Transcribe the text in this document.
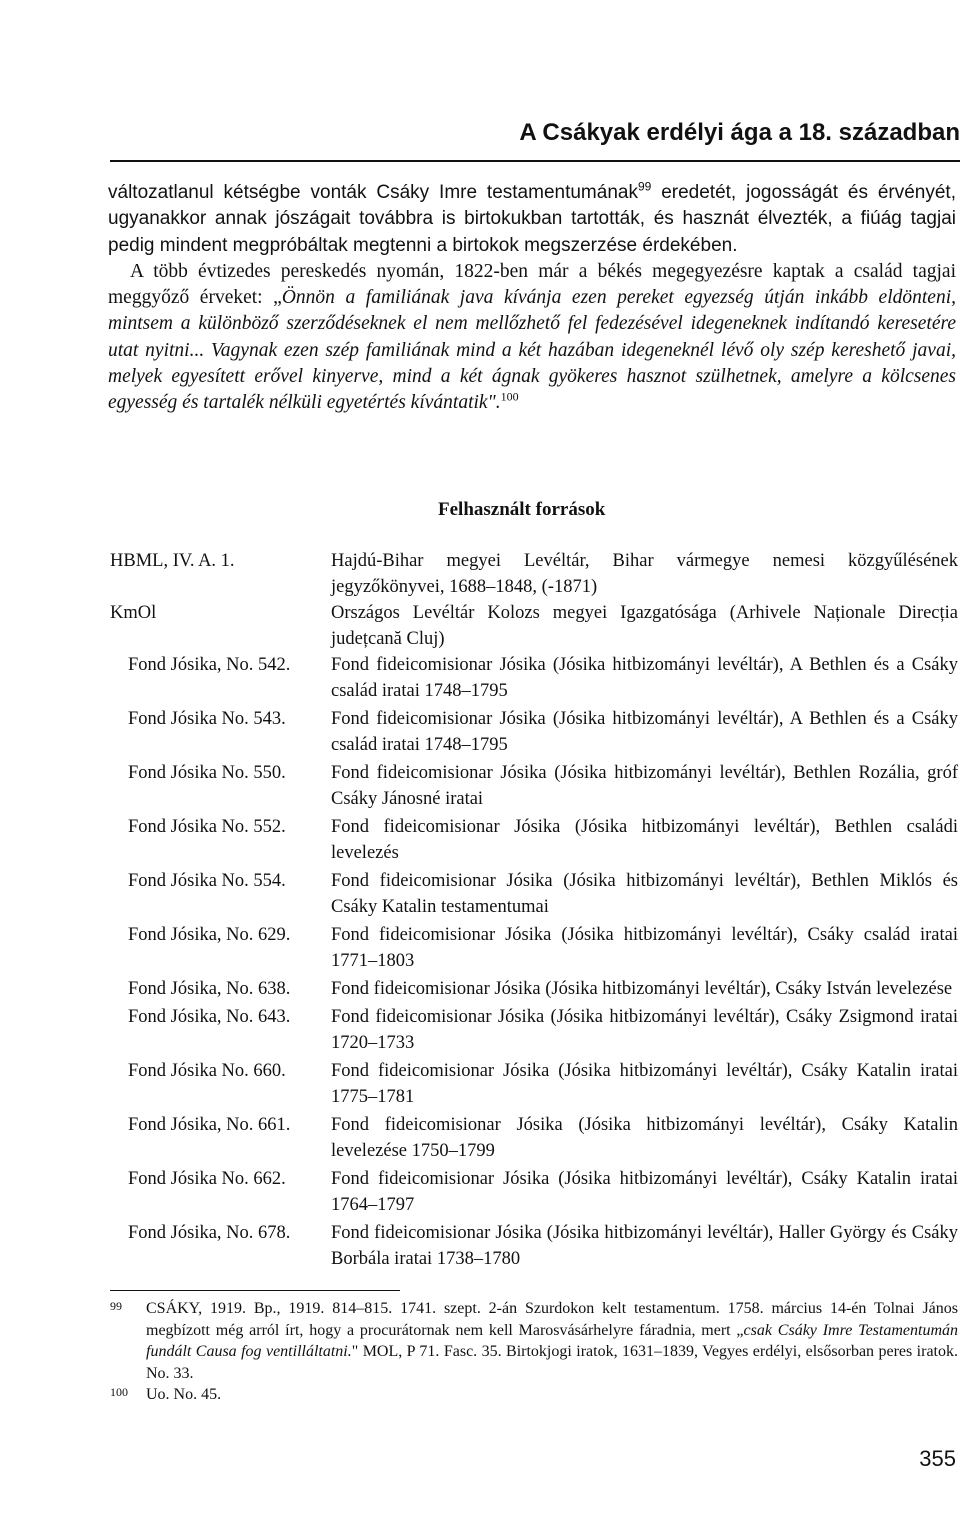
A Csákyak erdélyi ága a 18. században

változatlanul kétségbe vonták Csáky Imre testamentumának$^{99}$ eredetét, jogosságát és érvényét, ugyanakkor annak jószágait továbbra is birtokukban tartották, és hasznát élvezték, a fiúág tagjai pedig mindent megpróbáltak megtenni a birtokok megszerzése érdekében.

A több évtizedes pereskedés nyomán, 1822-ben már a békés megegyezésre kaptak a család tagjai meggyőző érveket: „Önnön a familiának java kívánja ezen pereket egyezség útján inkább eldönteni, mintsem a különböző szerződéseknek el nem mellőzhető fel fedezésével idegeneknek indítandó keresetére utat nyitni... Vagynak ezen szép familiának mind a két hazában idegeneknél lévő oly szép kereshető javai, melyek egyesített erővel kinyerve, mind a két ágnak gyökeres hasznot szülhetnek, amelyre a kölcsenes egyesség és tartalék nélküli egyetértés kívántatik".$^{100}$

Felhasznált források
HBML, IV. A. 1.	Hajdú-Bihar megyei Levéltár, Bihar vármegye nemesi közgyűlésének jegyzőkönyvei, 1688–1848, (-1871)
KmOl	Országos Levéltár Kolozs megyei Igazgatósága (Arhivele Naționale Direcția județcană Cluj)
Fond Jósika, No. 542.	Fond fideicomisionar Jósika (Jósika hitbizományi levéltár), A Bethlen és a Csáky család iratai 1748–1795
Fond Jósika No. 543.	Fond fideicomisionar Jósika (Jósika hitbizományi levéltár), A Bethlen és a Csáky család iratai 1748–1795
Fond Jósika No. 550.	Fond fideicomisionar Jósika (Jósika hitbizományi levéltár), Bethlen Rozália, gróf Csáky Jánosné iratai
Fond Jósika No. 552.	Fond fideicomisionar Jósika (Jósika hitbizományi levéltár), Bethlen családi levelezés
Fond Jósika No. 554.	Fond fideicomisionar Jósika (Jósika hitbizományi levéltár), Bethlen Miklós és Csáky Katalin testamentumai
Fond Jósika, No. 629.	Fond fideicomisionar Jósika (Jósika hitbizományi levéltár), Csáky család iratai 1771–1803
Fond Jósika, No. 638.	Fond fideicomisionar Jósika (Jósika hitbizományi levéltár), Csáky István levelezése
Fond Jósika, No. 643.	Fond fideicomisionar Jósika (Jósika hitbizományi levéltár), Csáky Zsigmond iratai 1720–1733
Fond Jósika No. 660.	Fond fideicomisionar Jósika (Jósika hitbizományi levéltár), Csáky Katalin iratai 1775–1781
Fond Jósika, No. 661.	Fond fideicomisionar Jósika (Jósika hitbizományi levéltár), Csáky Katalin levelezése 1750–1799
Fond Jósika No. 662.	Fond fideicomisionar Jósika (Jósika hitbizományi levéltár), Csáky Katalin iratai 1764–1797
Fond Jósika, No. 678.	Fond fideicomisionar Jósika (Jósika hitbizományi levéltár), Haller György és Csáky Borbála iratai 1738–1780
99	CSÁKY, 1919. Bp., 1919. 814–815. 1741. szept. 2-án Szurdokon kelt testamentum. 1758. március 14-én Tolnai János megbízott még arról írt, hogy a procurátornak nem kell Marosvásárhelyre fáradnia, mert „csak Csáky Imre Testamentumán fundált Causa fog ventilláltatni." MOL, P 71. Fasc. 35. Birtokjogi iratok, 1631–1839, Vegyes erdélyi, elsősorban peres iratok. No. 33.
100	Uo. No. 45.
355
